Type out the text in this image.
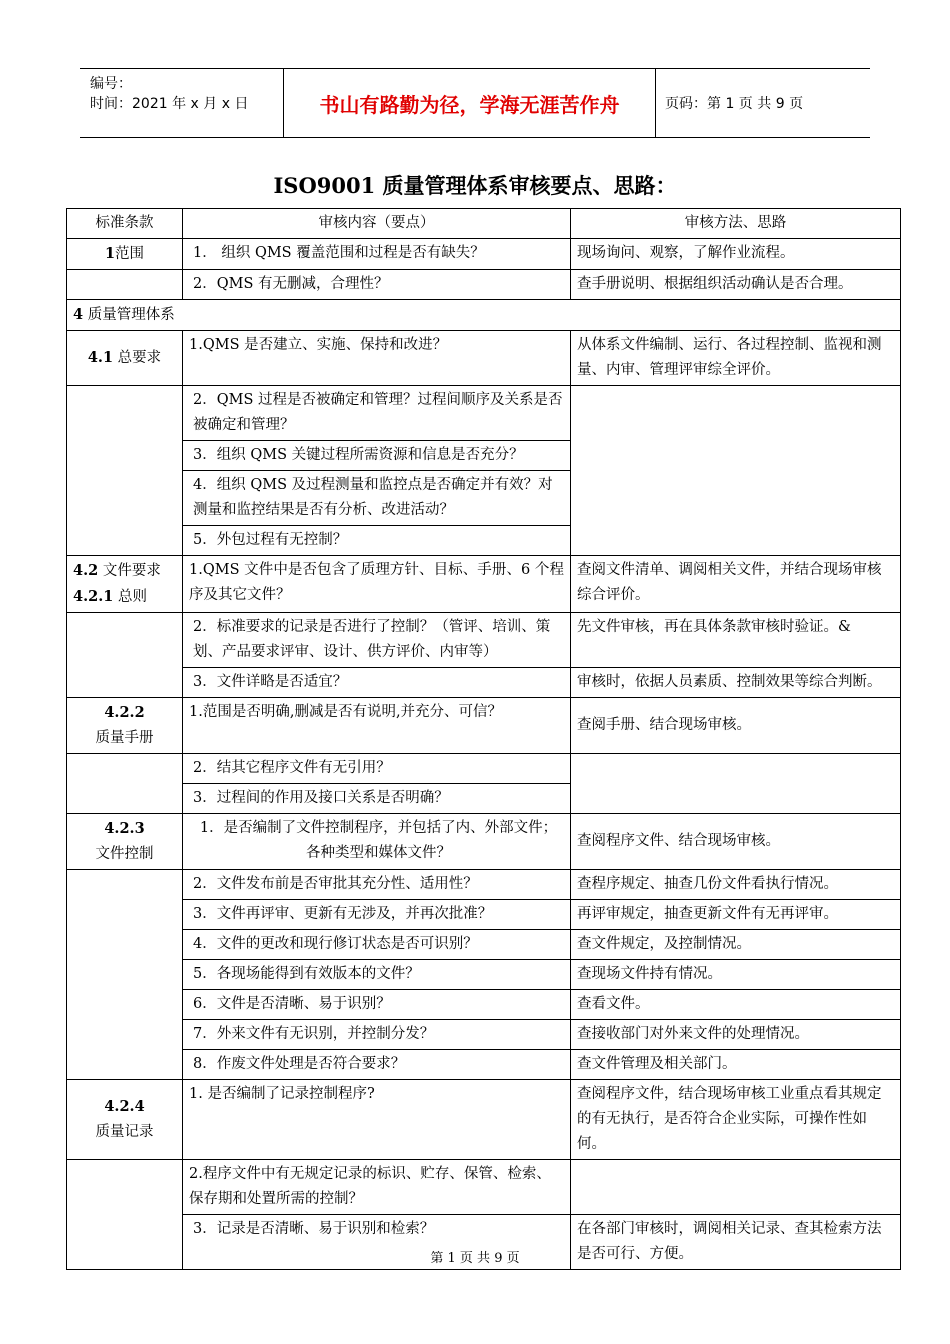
编号：
时间：2021 年 x 月 x 日	书山有路勤为径，学海无涯苦作舟	页码：第 1 页 共 9 页
ISO9001 质量管理体系审核要点、思路：
标准条款	审核内容（要点）	审核方法、思路
1范围	1． 组织 QMS 覆盖范围和过程是否有缺失？	现场询问、观察，了解作业流程。
	2．QMS 有无删减，合理性？	查手册说明、根据组织活动确认是否合理。
4 质量管理体系		
4.1 总要求	1.QMS 是否建立、实施、保持和改进？	从体系文件编制、运行、各过程控制、监视和测量、内审、管理评审综全评价。
	2．QMS 过程是否被确定和管理？过程间顺序及关系是否被确定和管理？	
	3．组织 QMS 关键过程所需资源和信息是否充分？	
	4．组织 QMS 及过程测量和监控点是否确定并有效？对测量和监控结果是否有分析、改进活动？	
	5．外包过程有无控制？	

4.2 文件要求
4.2.1 总则	1.QMS 文件中是否包含了质理方针、目标、手册、6 个程序及其它文件？	查阅文件清单、调阅相关文件，并结合现场审核综合评价。
	2．标准要求的记录是否进行了控制？（管评、培训、策划、产品要求评审、设计、供方评价、内审等）	先文件审核，再在具体条款审核时验证。&
	3．文件详略是否适宜？	审核时，依据人员素质、控制效果等综合判断。

4.2.2
质量手册	1.范围是否明确,删减是否有说明,并充分、可信？	查阅手册、结合现场审核。
	2．结其它程序文件有无引用？	
	3．过程间的作用及接口关系是否明确？	

4.2.3
文件控制	1．是否编制了文件控制程序，并包括了内、外部文件；各种类型和媒体文件？	查阅程序文件、结合现场审核。
	2．文件发布前是否审批其充分性、适用性？	查程序规定、抽查几份文件看执行情况。
	3．文件再评审、更新有无涉及，并再次批准？	再评审规定，抽查更新文件有无再评审。
	4．文件的更改和现行修订状态是否可识别？	查文件规定，及控制情况。
	5．各现场能得到有效版本的文件？	查现场文件持有情况。
	6．文件是否清晰、易于识别？	查看文件。
	7．外来文件有无识别，并控制分发？	查接收部门对外来文件的处理情况。
	8．作废文件处理是否符合要求？	查文件管理及相关部门。

4.2.4
质量记录	1. 是否编制了记录控制程序?	查阅程序文件，结合现场审核工业重点看其规定的有无执行，是否符合企业实际，可操作性如何。
	2.程序文件中有无规定记录的标识、贮存、保管、检索、保存期和处置所需的控制？	
	3．记录是否清晰、易于识别和检索？	在各部门审核时，调阅相关记录、查其检索方法是否可行、方便。
第 1 页 共 9 页
